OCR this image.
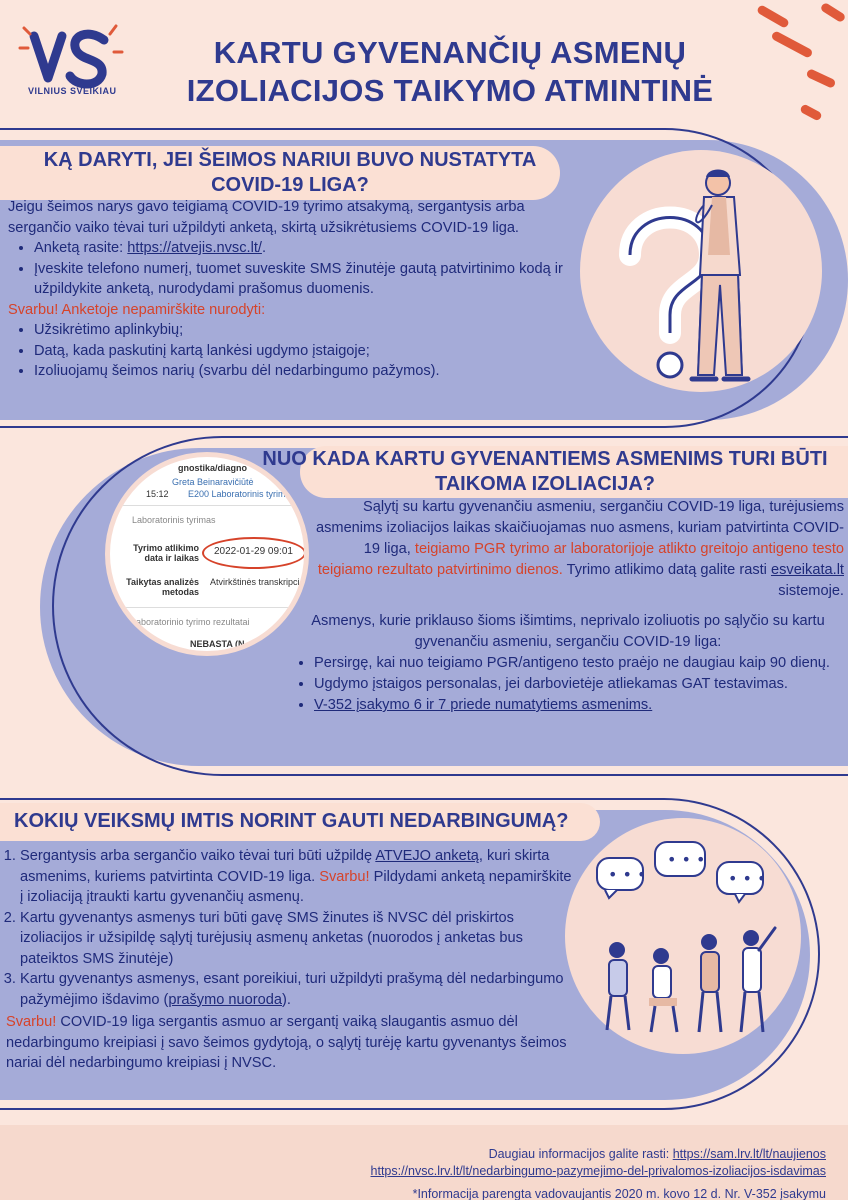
VILNIUS SVEIKIAU
KARTU GYVENANČIŲ ASMENŲ
IZOLIACIJOS TAIKYMO ATMINTINĖ
KĄ DARYTI, JEI ŠEIMOS NARIUI BUVO NUSTATYTA
COVID-19 LIGA?

Jeigu šeimos narys gavo teigiamą COVID-19 tyrimo atsakymą, sergantysis arba sergančio vaiko tėvai turi užpildyti anketą, skirtą užsikrėtusiems COVID-19 liga.

• Anketą rasite: https://atvejis.nvsc.lt/.
• Įveskite telefono numerį, tuomet suveskite SMS žinutėje gautą patvirtinimo kodą ir užpildykite anketą, nurodydami prašomus duomenis.

Svarbu! Anketoje nepamirškite nurodyti:

• Užsikrėtimo aplinkybių;
• Datą, kada paskutinį kartą lankėsi ugdymo įstaigoje;
• Izoliuojamų šeimos narių (svarbu dėl nedarbingumo pažymos).
NUO KADA KARTU GYVENANTIEMS ASMENIMS TURI BŪTI
TAIKOMA IZOLIACIJA?
gnostika/diagno
Greta Beinaravičiūtė
15:12 E200 Laboratorinis tyrim
Laboratorinis tyrimas
Tyrimo atlikimo data ir laikas
2022-01-29 09:01
Taikytas analizės metodas
Atvirkštinės transkripci
aboratorinio tyrimo rezultatai
NEBASTA (N
Sąlytį su kartu gyvenančiu asmeniu, sergančiu COVID-19 liga, turėjusiems asmenims izoliacijos laikas skaičiuojamas nuo asmens, kuriam patvirtinta COVID-19 liga, teigiamo PGR tyrimo ar laboratorijoje atlikto greitojo antigeno testo teigiamo rezultato patvirtinimo dienos. Tyrimo atlikimo datą galite rasti esveikata.lt sistemoje.

Asmenys, kurie priklauso šioms išimtims, neprivalo izoliuotis po sąlyčio su kartu gyvenančiu asmeniu, sergančiu COVID-19 liga:

• Persirgę, kai nuo teigiamo PGR/antigeno testo praėjo ne daugiau kaip 90 dienų.
• Ugdymo įstaigos personalas, jei darbovietėje atliekamas GAT testavimas.
• V-352 įsakymo 6 ir 7 priede numatytiems asmenims.
KOKIŲ VEIKSMŲ IMTIS NORINT GAUTI NEDARBINGUMĄ?
• • •
• • •
• • •
1. Sergantysis arba sergančio vaiko tėvai turi būti užpildę ATVEJO anketą, kuri skirta asmenims, kuriems patvirtinta COVID-19 liga. Svarbu! Pildydami anketą nepamirškite į izoliaciją įtraukti kartu gyvenančių asmenų.
2. Kartu gyvenantys asmenys turi būti gavę SMS žinutes iš NVSC dėl priskirtos izoliacijos ir užsipildę sąlytį turėjusių asmenų anketas (nuorodos į anketas bus pateiktos SMS žinutėje)
3. Kartu gyvenantys asmenys, esant poreikiui, turi užpildyti prašymą dėl nedarbingumo pažymėjimo išdavimo (prašymo nuoroda).

Svarbu! COVID-19 liga sergantis asmuo ar sergantį vaiką slaugantis asmuo dėl nedarbingumo kreipiasi į savo šeimos gydytoją, o sąlytį turėję kartu gyvenantys šeimos nariai dėl nedarbingumo kreipiasi į NVSC.

Daugiau informacijos galite rasti: https://sam.lrv.lt/lt/naujienos
https://nvsc.lrv.lt/lt/nedarbingumo-pazymejimo-del-privalomos-izoliacijos-isdavimas
*Informacija parengta vadovaujantis 2020 m. kovo 12 d. Nr. V-352 įsakymu
